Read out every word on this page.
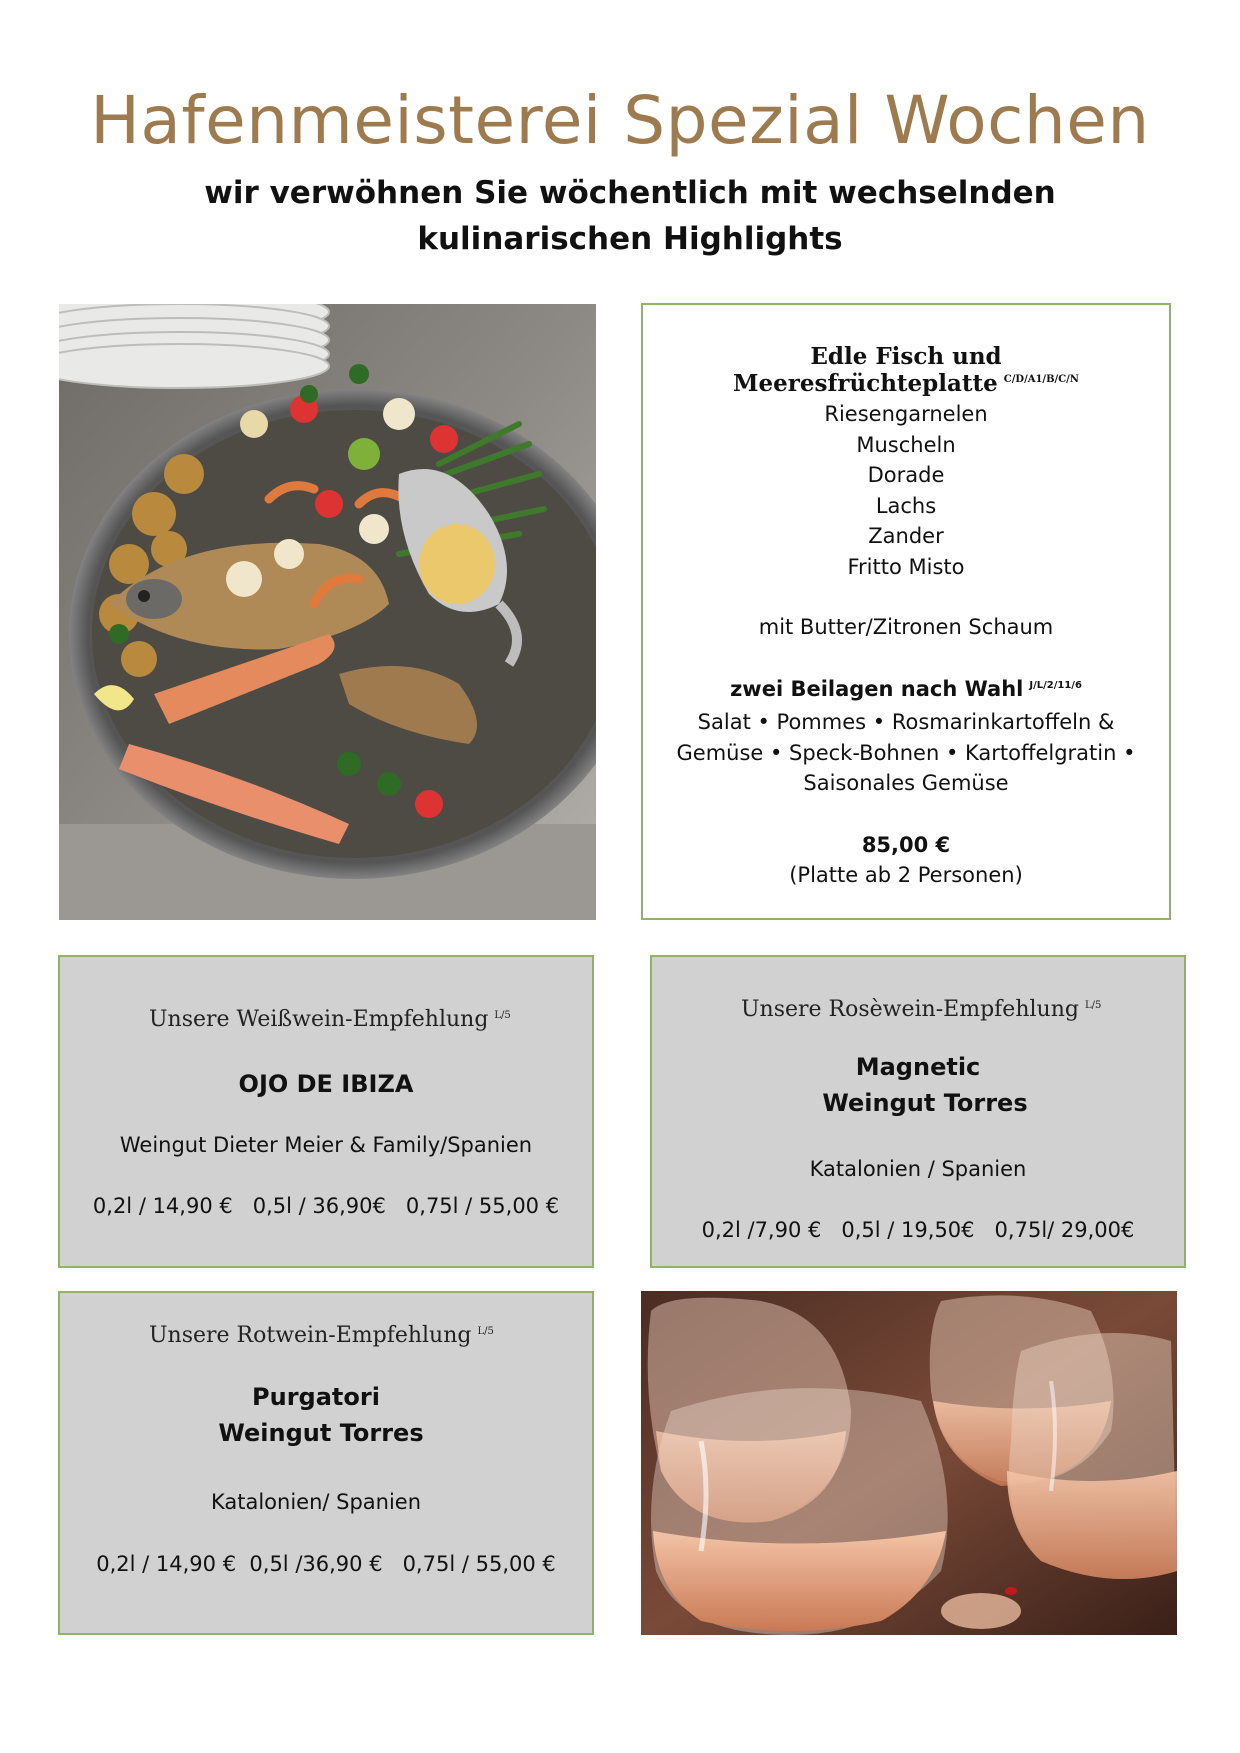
Hafenmeisterei Spezial Wochen
wir verwöhnen Sie wöchentlich mit wechselnden
kulinarischen Highlights
Edle Fisch und Meeresfrüchteplatte $^{C/D/A1/B/C/N}$
Riesengarnelen
Muscheln
Dorade
Lachs
Zander
Fritto Misto
mit Butter/Zitronen Schaum
zwei Beilagen nach Wahl $^{J/L/2/11/6}$
Salat • Pommes • Rosmarinkartoffeln &
Gemüse • Speck-Bohnen • Kartoffelgratin •
Saisonales Gemüse
85,00 €
(Platte ab 2 Personen)
Unsere Weißwein-Empfehlung $^{L/5}$
OJO DE IBIZA
Weingut Dieter Meier & Family/Spanien
0,2l / 14,90 €   0,5l / 36,90€   0,75l / 55,00 €
Unsere Rosèwein-Empfehlung $^{L/5}$
Magnetic
Weingut Torres
Katalonien / Spanien
0,2l /7,90 €   0,5l / 19,50€   0,75l/ 29,00€
Unsere Rotwein-Empfehlung $^{L/5}$
Purgatori
Weingut Torres
Katalonien/ Spanien
0,2l / 14,90 €  0,5l /36,90 €   0,75l / 55,00 €
